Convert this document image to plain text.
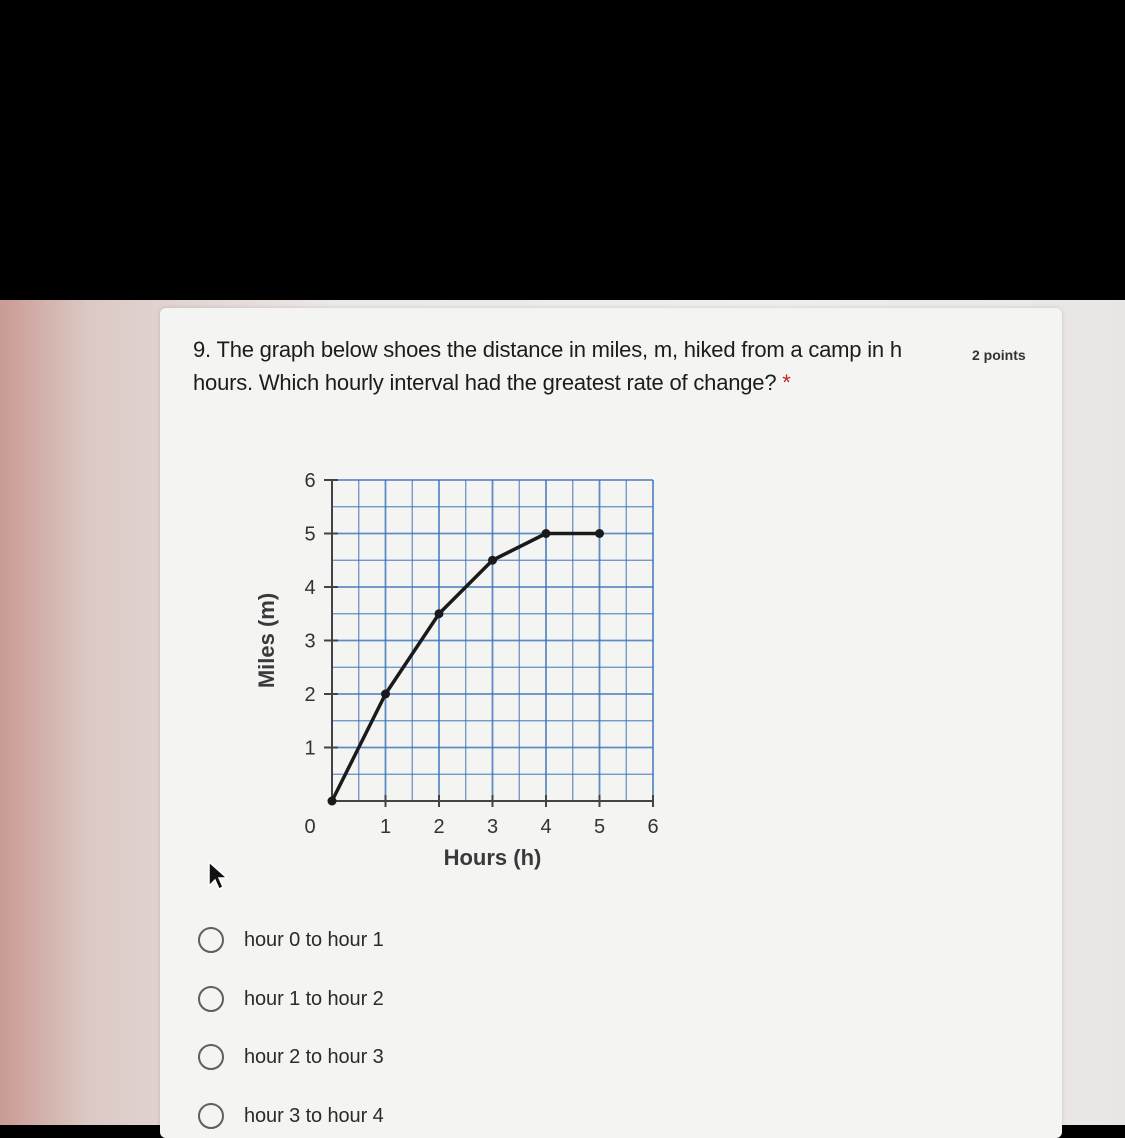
9. The graph below shoes the distance in miles, m, hiked from a camp in h hours. Which hourly interval had the greatest rate of change? *
2 points
0	1 2 3 4 5 6
1
2
3
4
5
6
Hours (h)
Miles (m)
hour 0 to hour 1
hour 1 to hour 2
hour 2 to hour 3
hour 3 to hour 4
